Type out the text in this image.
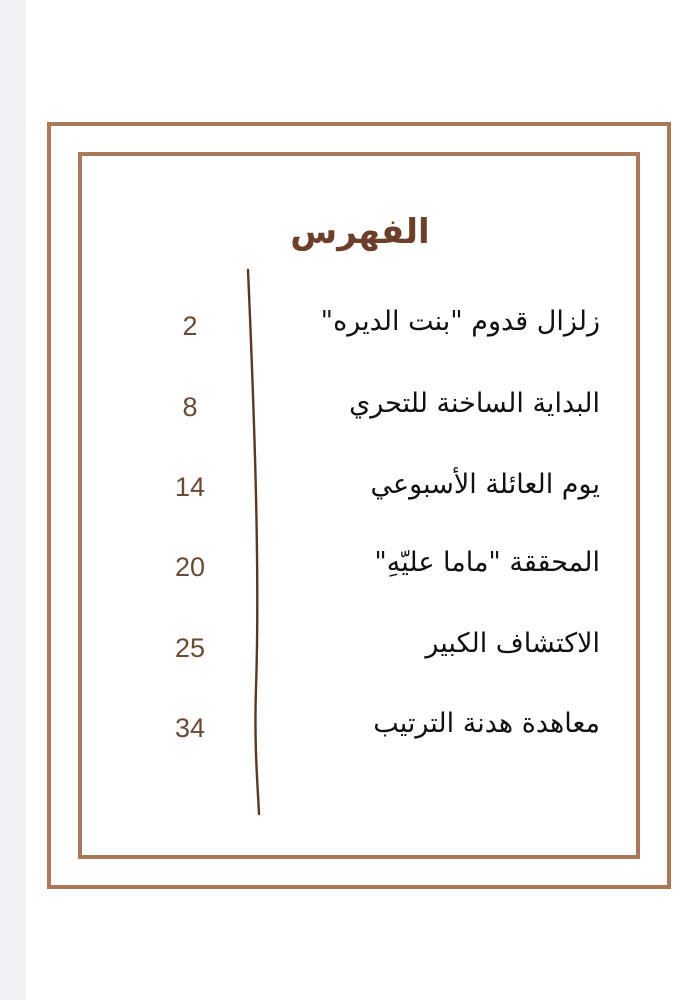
الفهرس
زلزال قدوم "بنت الديره"
2
البداية الساخنة للتحري
8
يوم العائلة الأسبوعي
14
المحققة "ماما عليّهِ"
20
الاكتشاف الكبير
25
معاهدة هدنة الترتيب
34
